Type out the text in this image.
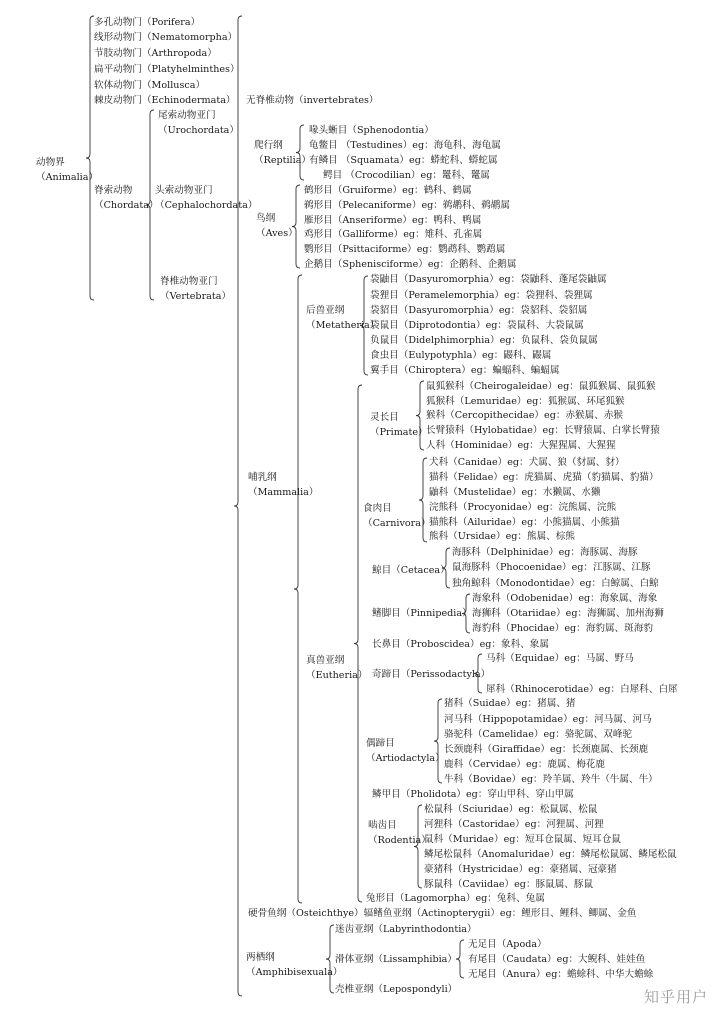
动物界
（Animalia）
多孔动物门（Porifera）
线形动物门（Nematomorpha）
节肢动物门（Arthropoda）
扁平动物门（Platyhelminthes）
软体动物门（Mollusca）
棘皮动物门（Echinodermata） 无脊椎动物（invertebrates）
脊索动物
（Chordata）
尾索动物亚门
（Urochordata）
头索动物亚门
（Cephalochordata）
脊椎动物亚门
（Vertebrata）
爬行纲
（Reptilia）
喙头蜥目（Sphenodontia）
龟鳖目 （Testudines）eg：海龟科、海龟属
有鳞目 （Squamata）eg：蟒蛇科、蟒蛇属
鳄目 （Crocodilian）eg：鼍科、鼍属
鸟纲
（Aves）
鹤形目（Gruiforme）eg：鹤科、鹤属
鹈形目（Pelecaniforme）eg：鹈鹕科、鹈鹕属
雁形目（Anseriforme）eg：鸭科、鸭属
鸡形目（Galliforme）eg：雉科、孔雀属
鹦形目（Psittaciforme）eg：鹦鹉科、鹦鹉属
企鹅目（Sphenisciforme）eg：企鹅科、企鹅属
哺乳纲
（Mammalia）
后兽亚纲
（Metatheria）
袋鼬目（Dasyuromorphia）eg：袋鼬科、蓬尾袋鼬属
袋狸目（Peramelemorphia）eg：袋狸科、袋狸属
袋貂目（Dasyuromorphia）eg：袋貂科、袋貂属
袋鼠目（Diprotodontia）eg：袋鼠科、大袋鼠属
负鼠目（Didelphimorphia）eg：负鼠科、袋负鼠属
食虫目（Eulypotyphla）eg：鼹科、鼹属
翼手目（Chiroptera）eg：蝙蝠科、蝙蝠属
灵长目
（Primate）
鼠狐猴科（Cheirogaleidae）eg：鼠狐猴属、鼠狐猴
狐猴科（Lemuridae）eg：狐猴属、环尾狐猴
猴科（Cercopithecidae）eg：赤猴属、赤猴
长臂猿科（Hylobatidae）eg：长臂猿属、白掌长臂猿
人科（Hominidae）eg：大猩猩属、大猩猩
食肉目
（Carnivora）
犬科（Canidae）eg：犬属、狼（豺属、豺）
猫科（Felidae）eg：虎猫属、虎猫（豹猫属、豹猫）
鼬科（Mustelidae）eg：水獭属、水獭
浣熊科（Procyonidae）eg：浣熊属、浣熊
猫熊科（Ailuridae）eg：小熊猫属、小熊猫
熊科（Ursidae）eg：熊属、棕熊
鲸目（Cetacea）
海豚科（Delphinidae）eg：海豚属、海豚
鼠海豚科（Phocoenidae）eg：江豚属、江豚
独角鲸科（Monodontidae）eg：白鲸属、白鲸
鳍脚目（Pinnipedia）
海象科（Odobenidae）eg：海象属、海象
海狮科（Otariidae）eg：海狮属、加州海狮
海豹科（Phocidae）eg：海豹属、斑海豹
真兽亚纲
（Eutheria）
长鼻目（Proboscidea）eg：象科、象属
奇蹄目（Perissodactyla）
马科（Equidae）eg：马属、野马
犀科（Rhinocerotidae）eg：白犀科、白犀
偶蹄目
（Artiodactyla）
猪科（Suidae）eg：猪属、猪
河马科（Hippopotamidae）eg：河马属、河马
骆驼科（Camelidae）eg：骆驼属、双峰驼
长颈鹿科（Giraffidae）eg：长颈鹿属、长颈鹿
鹿科（Cervidae）eg：鹿属、梅花鹿
牛科（Bovidae）eg：羚羊属、羚牛（牛属、牛）
鳞甲目（Pholidota）eg：穿山甲科、穿山甲属
啮齿目
（Rodentia）
松鼠科（Sciuridae）eg：松鼠属、松鼠
河狸科（Castoridae）eg：河狸属、河狸
鼠科（Muridae）eg：短耳仓鼠属、短耳仓鼠
鳞尾松鼠科（Anomaluridae）eg：鳞尾松鼠属、鳞尾松鼠
豪猪科（Hystricidae）eg：豪猪属、冠豪猪
豚鼠科（Caviidae）eg：豚鼠属、豚鼠
兔形目（Lagomorpha）eg：兔科、兔属
硬骨鱼纲（Osteichthye）辐鳍鱼亚纲（Actinopterygii）eg：鲤形目、鲤科、鲫属、金鱼
两栖纲
（Amphibisexuala）
迷齿亚纲（Labyrinthodontia）
滑体亚纲（Lissamphibia）
无足目（Apoda）
有尾目（Caudata）eg：大鲵科、娃娃鱼
无尾目（Anura）eg：蟾蜍科、中华大蟾蜍
壳椎亚纲（Lepospondyli）	知乎用户
